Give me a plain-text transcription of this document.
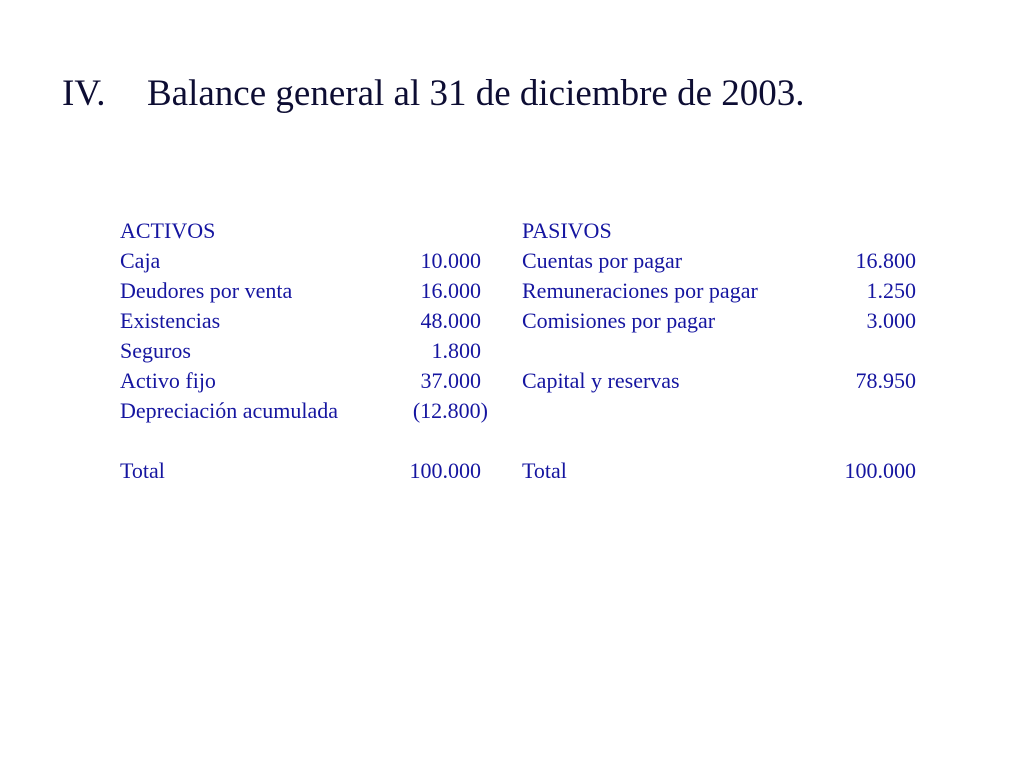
IV. Balance general al 31 de diciembre de 2003.
ACTIVOS
Caja	10.000
Deudores por venta	16.000
Existencias	48.000
Seguros	1.800
Activo fijo	37.000
Depreciación acumulada	(12.800)
Total	100.000
PASIVOS
Cuentas por pagar	16.800
Remuneraciones por pagar	1.250
Comisiones por pagar	3.000
Capital y reservas	78.950
Total	100.000
